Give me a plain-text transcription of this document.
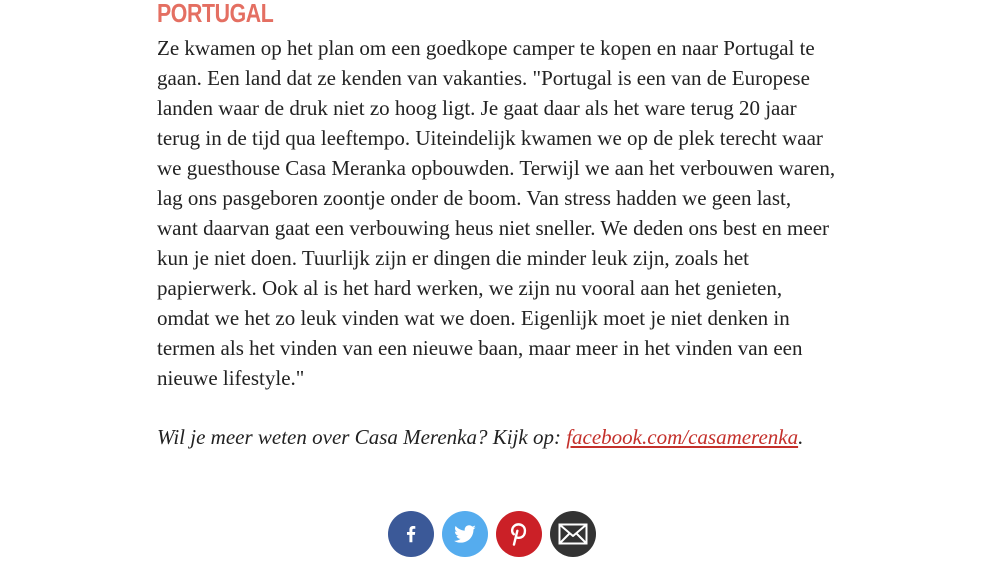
PORTUGAL

Ze kwamen op het plan om een goedkope camper te kopen en naar Portugal te gaan. Een land dat ze kenden van vakanties. "Portugal is een van de Europese landen waar de druk niet zo hoog ligt. Je gaat daar als het ware terug 20 jaar terug in de tijd qua leeftempo. Uiteindelijk kwamen we op de plek terecht waar we guesthouse Casa Meranka opbouwden. Terwijl we aan het verbouwen waren, lag ons pasgeboren zoontje onder de boom. Van stress hadden we geen last, want daarvan gaat een verbouwing heus niet sneller. We deden ons best en meer kun je niet doen. Tuurlijk zijn er dingen die minder leuk zijn, zoals het papierwerk. Ook al is het hard werken, we zijn nu vooral aan het genieten, omdat we het zo leuk vinden wat we doen. Eigenlijk moet je niet denken in termen als het vinden van een nieuwe baan, maar meer in het vinden van een nieuwe lifestyle."

Wil je meer weten over Casa Merenka? Kijk op: facebook.com/casamerenka.
